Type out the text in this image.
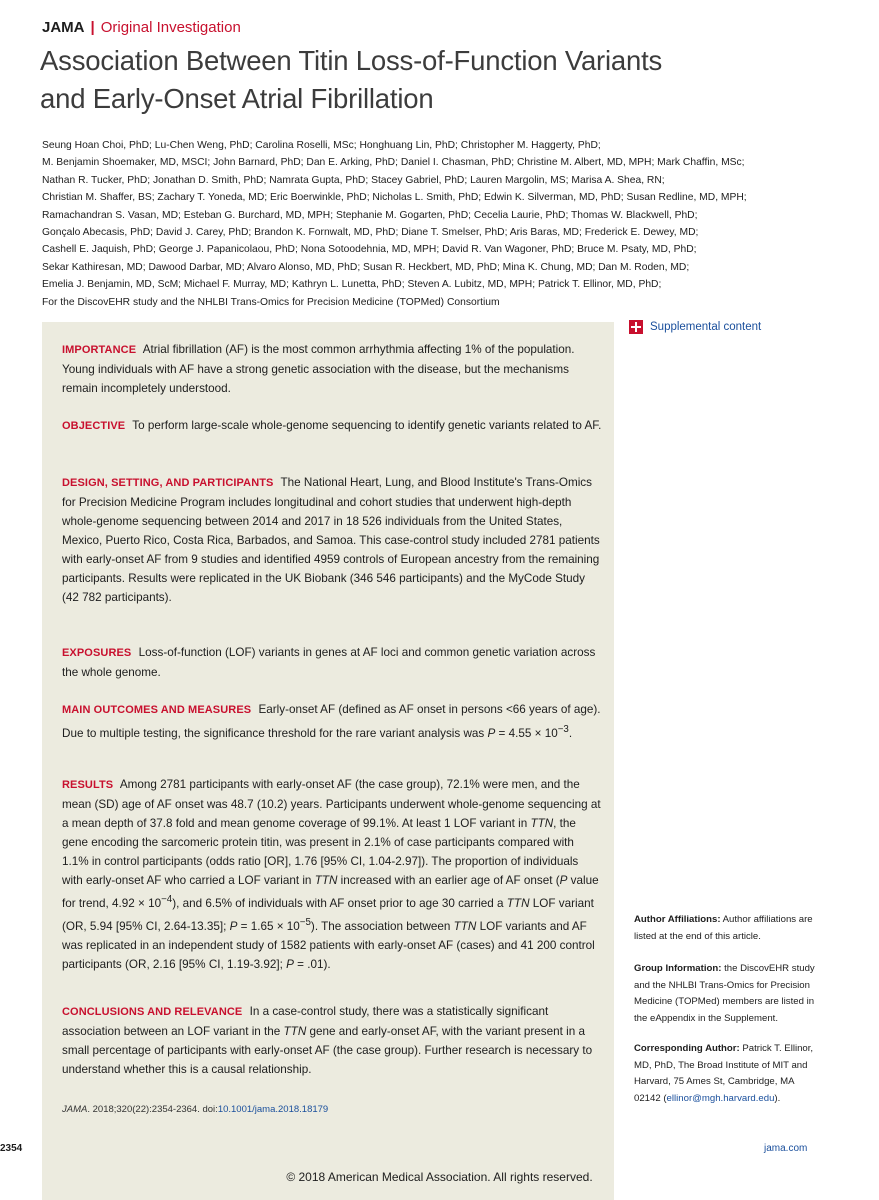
JAMA | Original Investigation
Association Between Titin Loss-of-Function Variants
and Early-Onset Atrial Fibrillation
Seung Hoan Choi, PhD; Lu-Chen Weng, PhD; Carolina Roselli, MSc; Honghuang Lin, PhD; Christopher M. Haggerty, PhD;
M. Benjamin Shoemaker, MD, MSCI; John Barnard, PhD; Dan E. Arking, PhD; Daniel I. Chasman, PhD; Christine M. Albert, MD, MPH; Mark Chaffin, MSc;
Nathan R. Tucker, PhD; Jonathan D. Smith, PhD; Namrata Gupta, PhD; Stacey Gabriel, PhD; Lauren Margolin, MS; Marisa A. Shea, RN;
Christian M. Shaffer, BS; Zachary T. Yoneda, MD; Eric Boerwinkle, PhD; Nicholas L. Smith, PhD; Edwin K. Silverman, MD, PhD; Susan Redline, MD, MPH;
Ramachandran S. Vasan, MD; Esteban G. Burchard, MD, MPH; Stephanie M. Gogarten, PhD; Cecelia Laurie, PhD; Thomas W. Blackwell, PhD;
Gonçalo Abecasis, PhD; David J. Carey, PhD; Brandon K. Fornwalt, MD, PhD; Diane T. Smelser, PhD; Aris Baras, MD; Frederick E. Dewey, MD;
Cashell E. Jaquish, PhD; George J. Papanicolaou, PhD; Nona Sotoodehnia, MD, MPH; David R. Van Wagoner, PhD; Bruce M. Psaty, MD, PhD;
Sekar Kathiresan, MD; Dawood Darbar, MD; Alvaro Alonso, MD, PhD; Susan R. Heckbert, MD, PhD; Mina K. Chung, MD; Dan M. Roden, MD;
Emelia J. Benjamin, MD, ScM; Michael F. Murray, MD; Kathryn L. Lunetta, PhD; Steven A. Lubitz, MD, MPH; Patrick T. Ellinor, MD, PhD;
For the DiscovEHR study and the NHLBI Trans-Omics for Precision Medicine (TOPMed) Consortium
IMPORTANCE Atrial fibrillation (AF) is the most common arrhythmia affecting 1% of the population. Young individuals with AF have a strong genetic association with the disease, but the mechanisms remain incompletely understood.
OBJECTIVE To perform large-scale whole-genome sequencing to identify genetic variants related to AF.
DESIGN, SETTING, AND PARTICIPANTS The National Heart, Lung, and Blood Institute's Trans-Omics for Precision Medicine Program includes longitudinal and cohort studies that underwent high-depth whole-genome sequencing between 2014 and 2017 in 18 526 individuals from the United States, Mexico, Puerto Rico, Costa Rica, Barbados, and Samoa. This case-control study included 2781 patients with early-onset AF from 9 studies and identified 4959 controls of European ancestry from the remaining participants. Results were replicated in the UK Biobank (346 546 participants) and the MyCode Study (42 782 participants).
EXPOSURES Loss-of-function (LOF) variants in genes at AF loci and common genetic variation across the whole genome.
MAIN OUTCOMES AND MEASURES Early-onset AF (defined as AF onset in persons <66 years of age). Due to multiple testing, the significance threshold for the rare variant analysis was $P = 4.55 \times 10^{-3}$.
RESULTS Among 2781 participants with early-onset AF (the case group), 72.1% were men, and the mean (SD) age of AF onset was 48.7 (10.2) years. Participants underwent whole-genome sequencing at a mean depth of 37.8 fold and mean genome coverage of 99.1%. At least 1 LOF variant in TTN, the gene encoding the sarcomeric protein titin, was present in 2.1% of case participants compared with 1.1% in control participants (odds ratio [OR], 1.76 [95% CI, 1.04-2.97]). The proportion of individuals with early-onset AF who carried a LOF variant in TTN increased with an earlier age of AF onset (P value for trend, $4.92 \times 10^{-4}$), and 6.5% of individuals with AF onset prior to age 30 carried a TTN LOF variant (OR, 5.94 [95% CI, 2.64-13.35]; $P = 1.65 \times 10^{-5}$). The association between TTN LOF variants and AF was replicated in an independent study of 1582 patients with early-onset AF (cases) and 41 200 control participants (OR, 2.16 [95% CI, 1.19-3.92]; P = .01).
CONCLUSIONS AND RELEVANCE In a case-control study, there was a statistically significant association between an LOF variant in the TTN gene and early-onset AF, with the variant present in a small percentage of participants with early-onset AF (the case group). Further research is necessary to understand whether this is a causal relationship.
JAMA. 2018;320(22):2354-2364. doi:10.1001/jama.2018.18179
Supplemental content
Author Affiliations: Author affiliations are listed at the end of this article.
Group Information: the DiscovEHR study and the NHLBI Trans-Omics for Precision Medicine (TOPMed) members are listed in the eAppendix in the Supplement.
Corresponding Author: Patrick T. Ellinor, MD, PhD, The Broad Institute of MIT and Harvard, 75 Ames St, Cambridge, MA 02142 (ellinor@mgh.harvard.edu).
2354	jama.com
© 2018 American Medical Association. All rights reserved.
